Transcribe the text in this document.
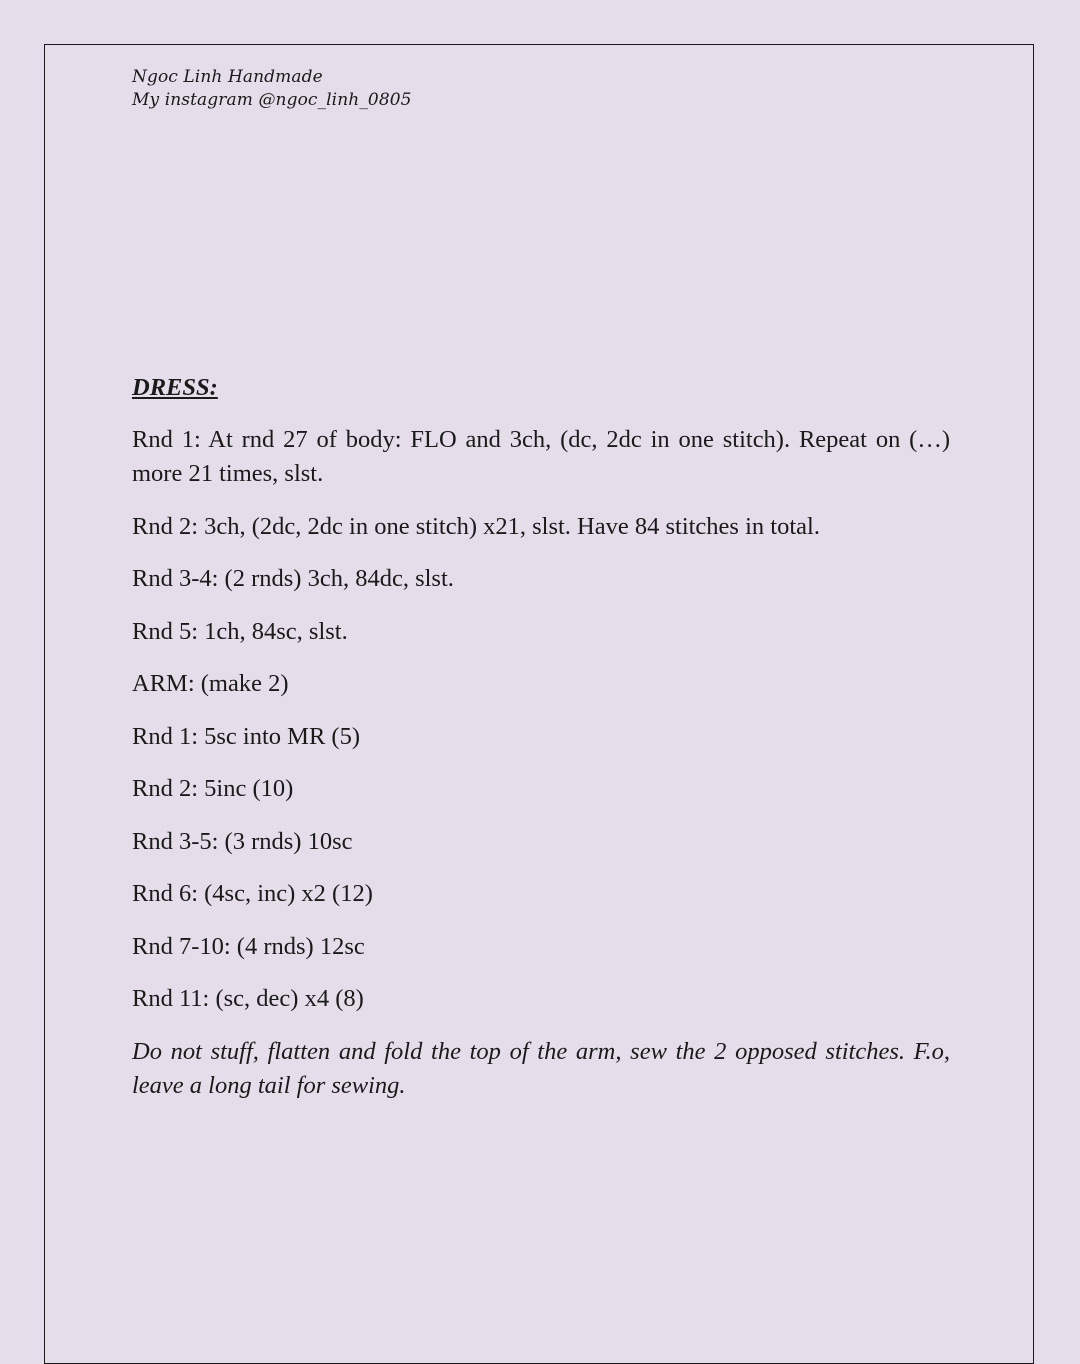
Ngoc Linh Handmade
My instagram @ngoc_linh_0805
DRESS:
Rnd 1: At rnd 27 of body: FLO and 3ch, (dc, 2dc in one stitch). Repeat on (…) more 21 times, slst.
Rnd 2: 3ch, (2dc, 2dc in one stitch) x21, slst. Have 84 stitches in total.
Rnd 3-4: (2 rnds) 3ch, 84dc, slst.
Rnd 5: 1ch, 84sc, slst.
ARM: (make 2)
Rnd 1: 5sc into MR (5)
Rnd 2: 5inc (10)
Rnd 3-5: (3 rnds) 10sc
Rnd 6: (4sc, inc) x2 (12)
Rnd 7-10: (4 rnds) 12sc
Rnd 11: (sc, dec) x4 (8)
Do not stuff, flatten and fold the top of the arm, sew the 2 opposed stitches. F.o, leave a long tail for sewing.
